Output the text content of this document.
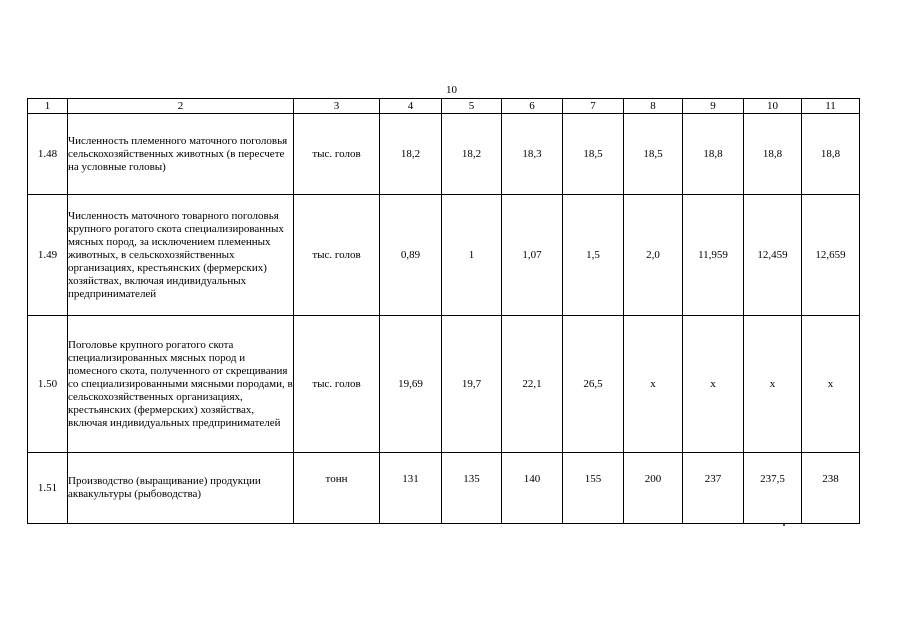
10
1	2	3	4	5	6	7	8	9	10	11
1.48	Численность племенного маточного поголовья сельскохозяйственных животных (в пересчете на условные головы)	тыс. голов	18,2	18,2	18,3	18,5	18,5	18,8	18,8	18,8
1.49	Численность маточного товарного поголовья крупного рогатого скота специализированных мясных пород, за исключением племенных животных, в сельскохозяйственных организациях, крестьянских (фермерских) хозяйствах, включая индивидуальных предпринимателей	тыс. голов	0,89	1	1,07	1,5	2,0	11,959	12,459	12,659
1.50	Поголовье крупного рогатого скота специализированных мясных пород и помесного скота, полученного от скрещивания со специализированными мясными породами, в сельскохозяйственных организациях, крестьянских (фермерских) хозяйствах, включая индивидуальных предпринимателей	тыс. голов	19,69	19,7	22,1	26,5	х	х	х	х
1.51	Производство (выращивание) продукции аквакультуры (рыбоводства)	тонн	131	135	140	155	200	237	237,5	238
